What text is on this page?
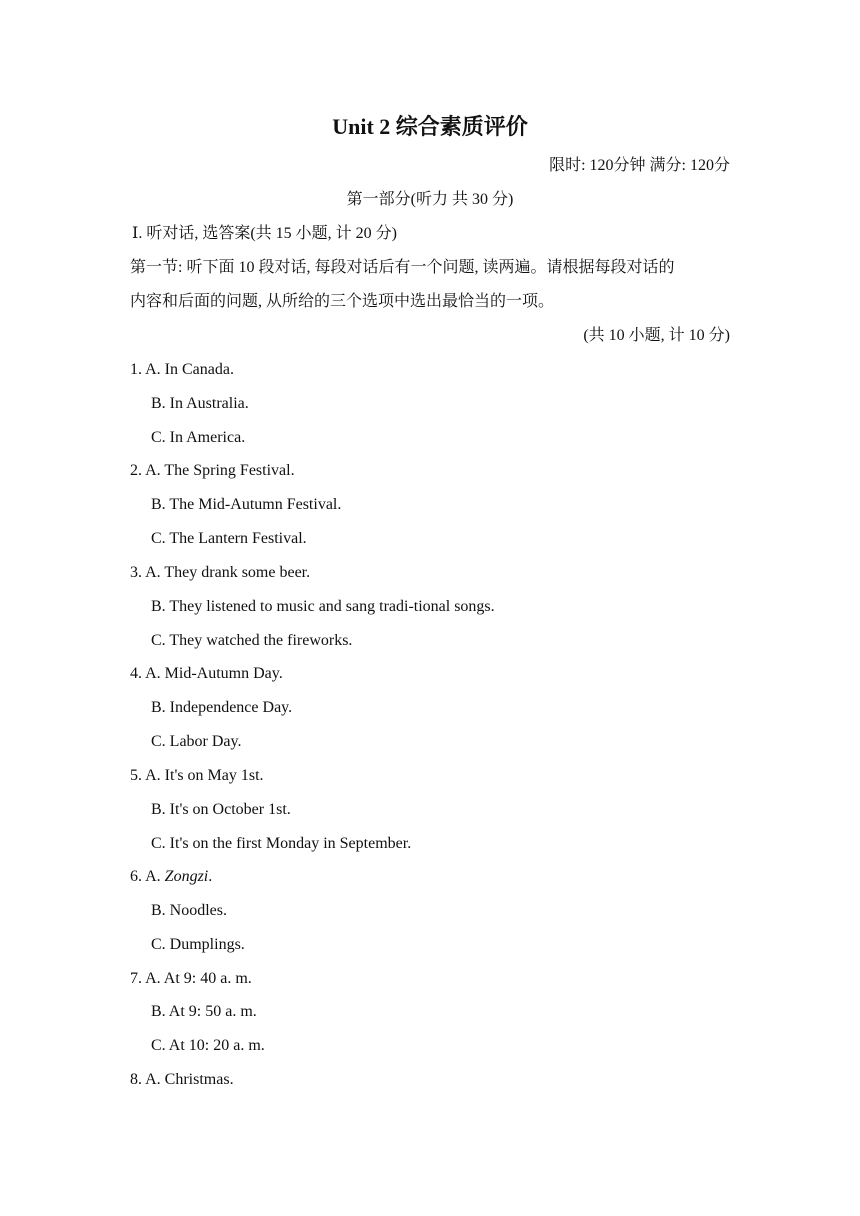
Unit 2 综合素质评价
限时: 120分钟 满分: 120分
第一部分(听力 共 30 分)
Ⅰ. 听对话, 选答案(共 15 小题, 计 20 分)
第一节: 听下面 10 段对话, 每段对话后有一个问题, 读两遍。请根据每段对话的
内容和后面的问题, 从所给的三个选项中选出最恰当的一项。
(共 10 小题, 计 10 分)
1. A. In Canada.
B. In Australia.
C. In America.
2. A. The Spring Festival.
B. The Mid-Autumn Festival.
C. The Lantern Festival.
3. A. They drank some beer.
B. They listened to music and sang tradi-tional songs.
C. They watched the fireworks.
4. A. Mid-Autumn Day.
B. Independence Day.
C. Labor Day.
5. A. It's on May 1st.
B. It's on October 1st.
C. It's on the first Monday in September.
6. A. Zongzi.
B. Noodles.
C. Dumplings.
7. A. At 9: 40 a. m.
B. At 9: 50 a. m.
C. At 10: 20 a. m.
8. A. Christmas.
